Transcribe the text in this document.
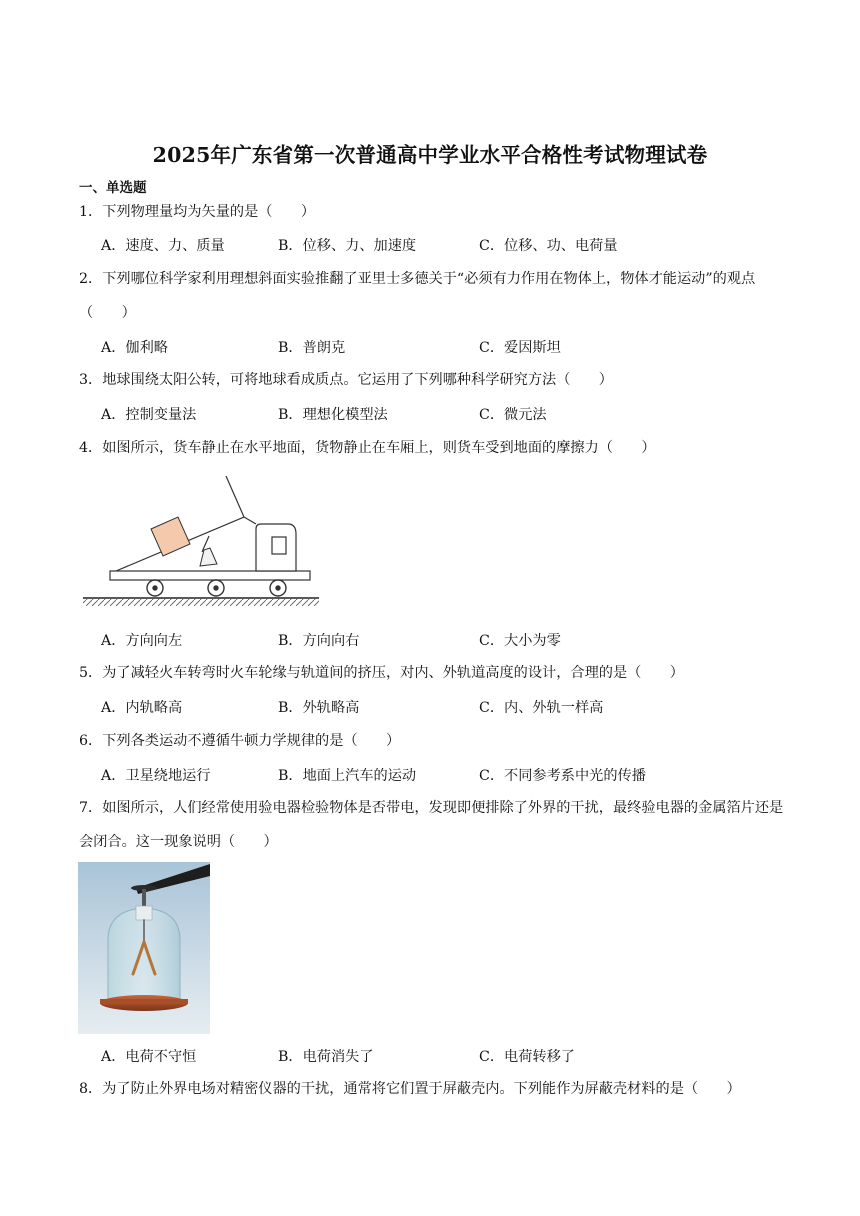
2025年广东省第一次普通高中学业水平合格性考试物理试卷
一、单选题
1．下列物理量均为矢量的是（　　）
A．速度、力、质量	B．位移、力、加速度	C．位移、功、电荷量
2．下列哪位科学家利用理想斜面实验推翻了亚里士多德关于“必须有力作用在物体上，物体才能运动”的观点（　　）
A．伽利略	B．普朗克	C．爱因斯坦
3．地球围绕太阳公转，可将地球看成质点。它运用了下列哪种科学研究方法（　　）
A．控制变量法	B．理想化模型法	C．微元法
4．如图所示，货车静止在水平地面，货物静止在车厢上，则货车受到地面的摩擦力（　　）
A．方向向左	B．方向向右	C．大小为零
5．为了减轻火车转弯时火车轮缘与轨道间的挤压，对内、外轨道高度的设计，合理的是（　　）
A．内轨略高	B．外轨略高	C．内、外轨一样高
6．下列各类运动不遵循牛顿力学规律的是（　　）
A．卫星绕地运行	B．地面上汽车的运动	C．不同参考系中光的传播
7．如图所示，人们经常使用验电器检验物体是否带电，发现即便排除了外界的干扰，最终验电器的金属箔片还是会闭合。这一现象说明（　　）
A．电荷不守恒	B．电荷消失了	C．电荷转移了
8．为了防止外界电场对精密仪器的干扰，通常将它们置于屏蔽壳内。下列能作为屏蔽壳材料的是（　　）
